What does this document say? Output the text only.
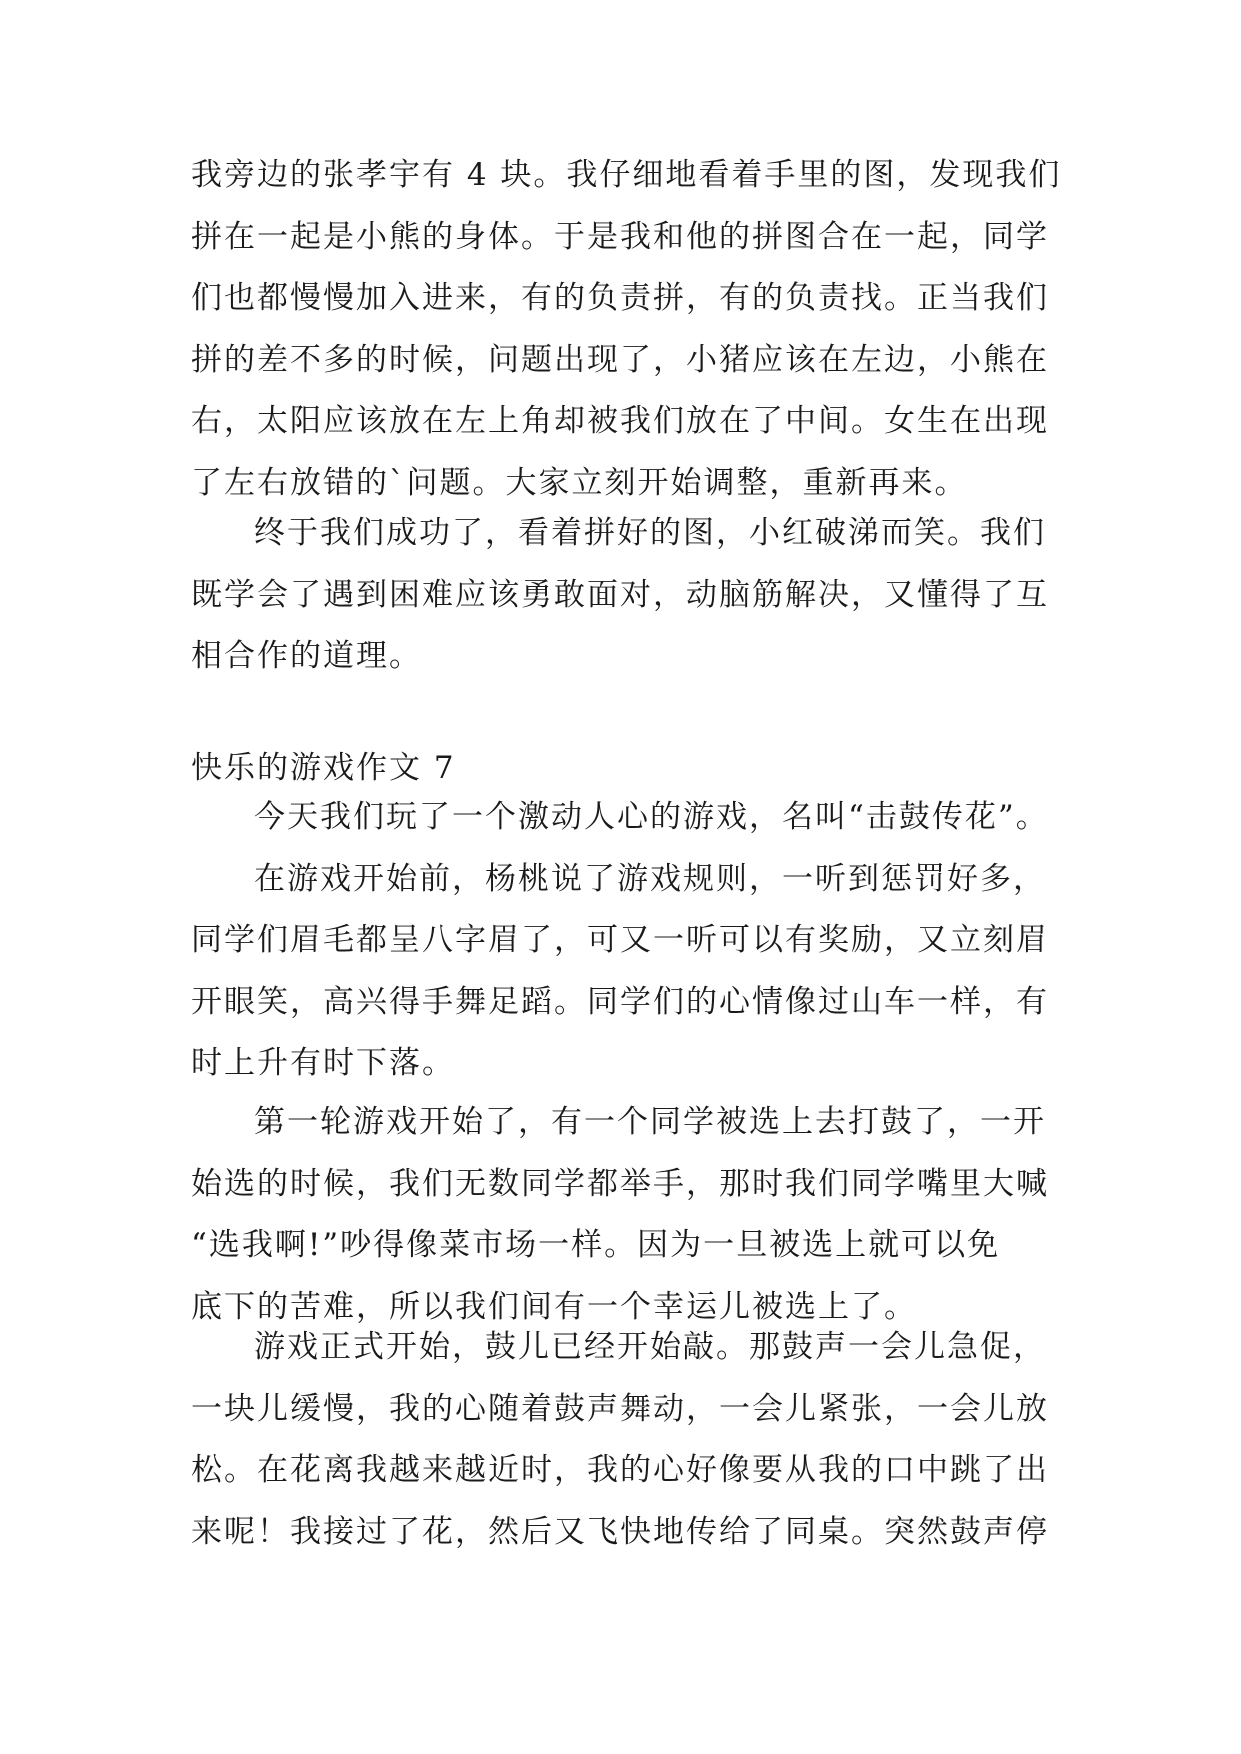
我旁边的张孝宇有 4 块。我仔细地看着手里的图，发现我们
拼在一起是小熊的身体。于是我和他的拼图合在一起，同学
们也都慢慢加入进来，有的负责拼，有的负责找。正当我们
拼的差不多的时候，问题出现了，小猪应该在左边，小熊在
右，太阳应该放在左上角却被我们放在了中间。女生在出现
了左右放错的`问题。大家立刻开始调整，重新再来。
终于我们成功了，看着拼好的图，小红破涕而笑。我们
既学会了遇到困难应该勇敢面对，动脑筋解决，又懂得了互
相合作的道理。
快乐的游戏作文 7
今天我们玩了一个激动人心的游戏，名叫“击鼓传花”。
在游戏开始前，杨桃说了游戏规则，一听到惩罚好多，
同学们眉毛都呈八字眉了，可又一听可以有奖励，又立刻眉
开眼笑，高兴得手舞足蹈。同学们的心情像过山车一样，有
时上升有时下落。
第一轮游戏开始了，有一个同学被选上去打鼓了，一开
始选的时候，我们无数同学都举手，那时我们同学嘴里大喊
“选我啊!”吵得像菜市场一样。因为一旦被选上就可以免
底下的苦难，所以我们间有一个幸运儿被选上了。
游戏正式开始，鼓儿已经开始敲。那鼓声一会儿急促，
一块儿缓慢，我的心随着鼓声舞动，一会儿紧张，一会儿放
松。在花离我越来越近时，我的心好像要从我的口中跳了出
来呢！我接过了花，然后又飞快地传给了同桌。突然鼓声停
